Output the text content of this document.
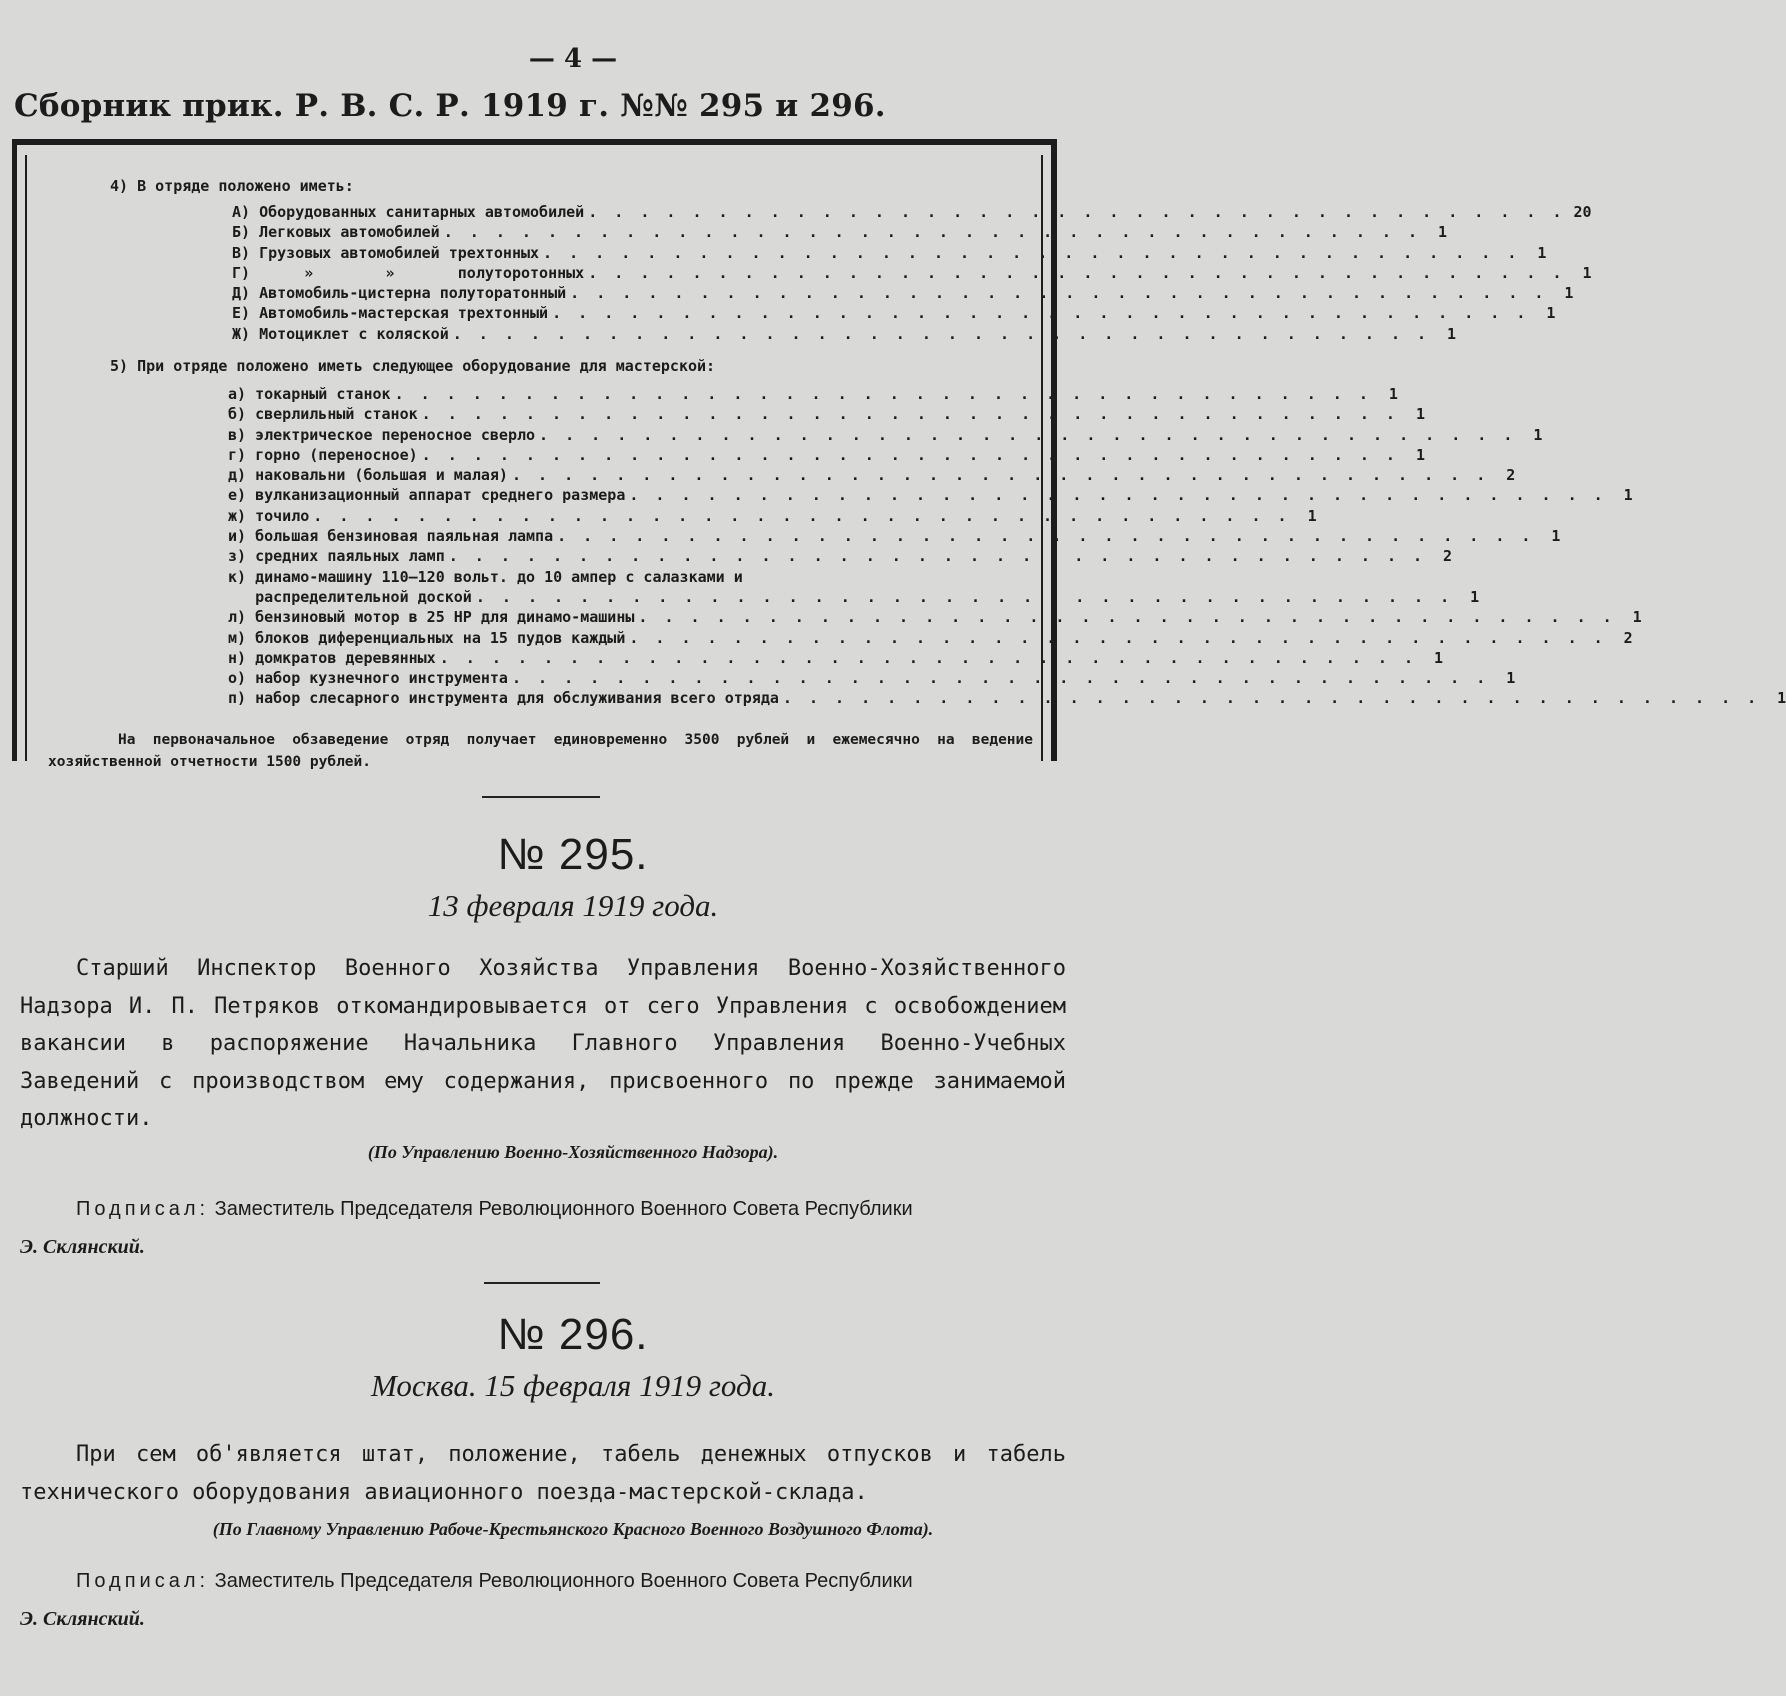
— 4 —
Сборник прик. Р. В. С. Р. 1919 г. №№ 295 и 296.
4) В отряде положено иметь:
А) Оборудованных санитарных автомобилей . . . . . . . . . . . . . . . . . . . . . . . . . . . . . . . . . . . . . . 20
Б) Легковых автомобилей . . . . . . . . . . . . . . . . . . . . . . . . . . . . . . . . . . . . . .	1
В) Грузовых автомобилей трехтонных . . . . . . . . . . . . . . . . . . . . . . . . . . . . . . . . . . . . . .	1
Г)      »        »       полуторотонных . . . . . . . . . . . . . . . . . . . . . . . . . . . . . . . . . . . . . .	1
Д) Автомобиль-цистерна полуторатонный . . . . . . . . . . . . . . . . . . . . . . . . . . . . . . . . . . . . . .	1
Е) Автомобиль-мастерская трехтонный . . . . . . . . . . . . . . . . . . . . . . . . . . . . . . . . . . . . . .	1
Ж) Мотоциклет с коляской . . . . . . . . . . . . . . . . . . . . . . . . . . . . . . . . . . . . . .	1
5) При отряде положено иметь следующее оборудование для мастерской:
а) токарный станок . . . . . . . . . . . . . . . . . . . . . . . . . . . . . . . . . . . . . .	1
б) сверлильный станок . . . . . . . . . . . . . . . . . . . . . . . . . . . . . . . . . . . . . .	1
в) электрическое переносное сверло . . . . . . . . . . . . . . . . . . . . . . . . . . . . . . . . . . . . . .	1
г) горно (переносное) . . . . . . . . . . . . . . . . . . . . . . . . . . . . . . . . . . . . . .	1
д) наковальни (большая и малая) . . . . . . . . . . . . . . . . . . . . . . . . . . . . . . . . . . . . . .	2
е) вулканизационный аппарат среднего размера . . . . . . . . . . . . . . . . . . . . . . . . . . . . . . . . . . . . . .	1
ж) точило . . . . . . . . . . . . . . . . . . . . . . . . . . . . . . . . . . . . . .	1
и) большая бензиновая паяльная лампа . . . . . . . . . . . . . . . . . . . . . . . . . . . . . . . . . . . . . .	1
з) средних паяльных ламп . . . . . . . . . . . . . . . . . . . . . . . . . . . . . . . . . . . . . .	2
к) динамо-машину 110—120 вольт. до 10 ампер с салазками и
распределительной доской . . . . . . . . . . . . . . . . . . . . . . . . . . . . . . . . . . . . . .	1
л) бензиновый мотор в 25 НР для динамо-машины . . . . . . . . . . . . . . . . . . . . . . . . . . . . . . . . . . . . . .	1
м) блоков диференциальных на 15 пудов каждый . . . . . . . . . . . . . . . . . . . . . . . . . . . . . . . . . . . . . .	2
н) домкратов деревянных . . . . . . . . . . . . . . . . . . . . . . . . . . . . . . . . . . . . . .	1
о) набор кузнечного инструмента . . . . . . . . . . . . . . . . . . . . . . . . . . . . . . . . . . . . . .	1
п) набор слесарного инструмента для обслуживания всего отряда . . . . . . . . . . . . . . . . . . . . . . . . . . . . . . . . . . . . . .	1
На первоначальное обзаведение отряд получает единовременно 3500 рублей и ежемесячно на ведение хозяйственной отчетности 1500 рублей.
№ 295.
13 февраля 1919 года.
Старший Инспектор Военного Хозяйства Управления Военно-Хозяйственного Надзора И. П. Петряков откомандировывается от сего Управления с освобождением вакансии в распоряжение Начальника Главного Управления Военно-Учебных Заведений с производством ему содержания, присвоенного по прежде занимаемой должности.
(По Управлению Военно-Хозяйственного Надзора).
Подписал: Заместитель Председателя Революционного Военного Совета Республики
Э. Склянский.
№ 296.
Москва. 15 февраля 1919 года.
При сем об'является штат, положение, табель денежных отпусков и табель технического оборудования авиационного поезда-мастерской-склада.
(По Главному Управлению Рабоче-Крестьянского Красного Военного Воздушного Флота).
Подписал: Заместитель Председателя Революционного Военного Совета Республики
Э. Склянский.
